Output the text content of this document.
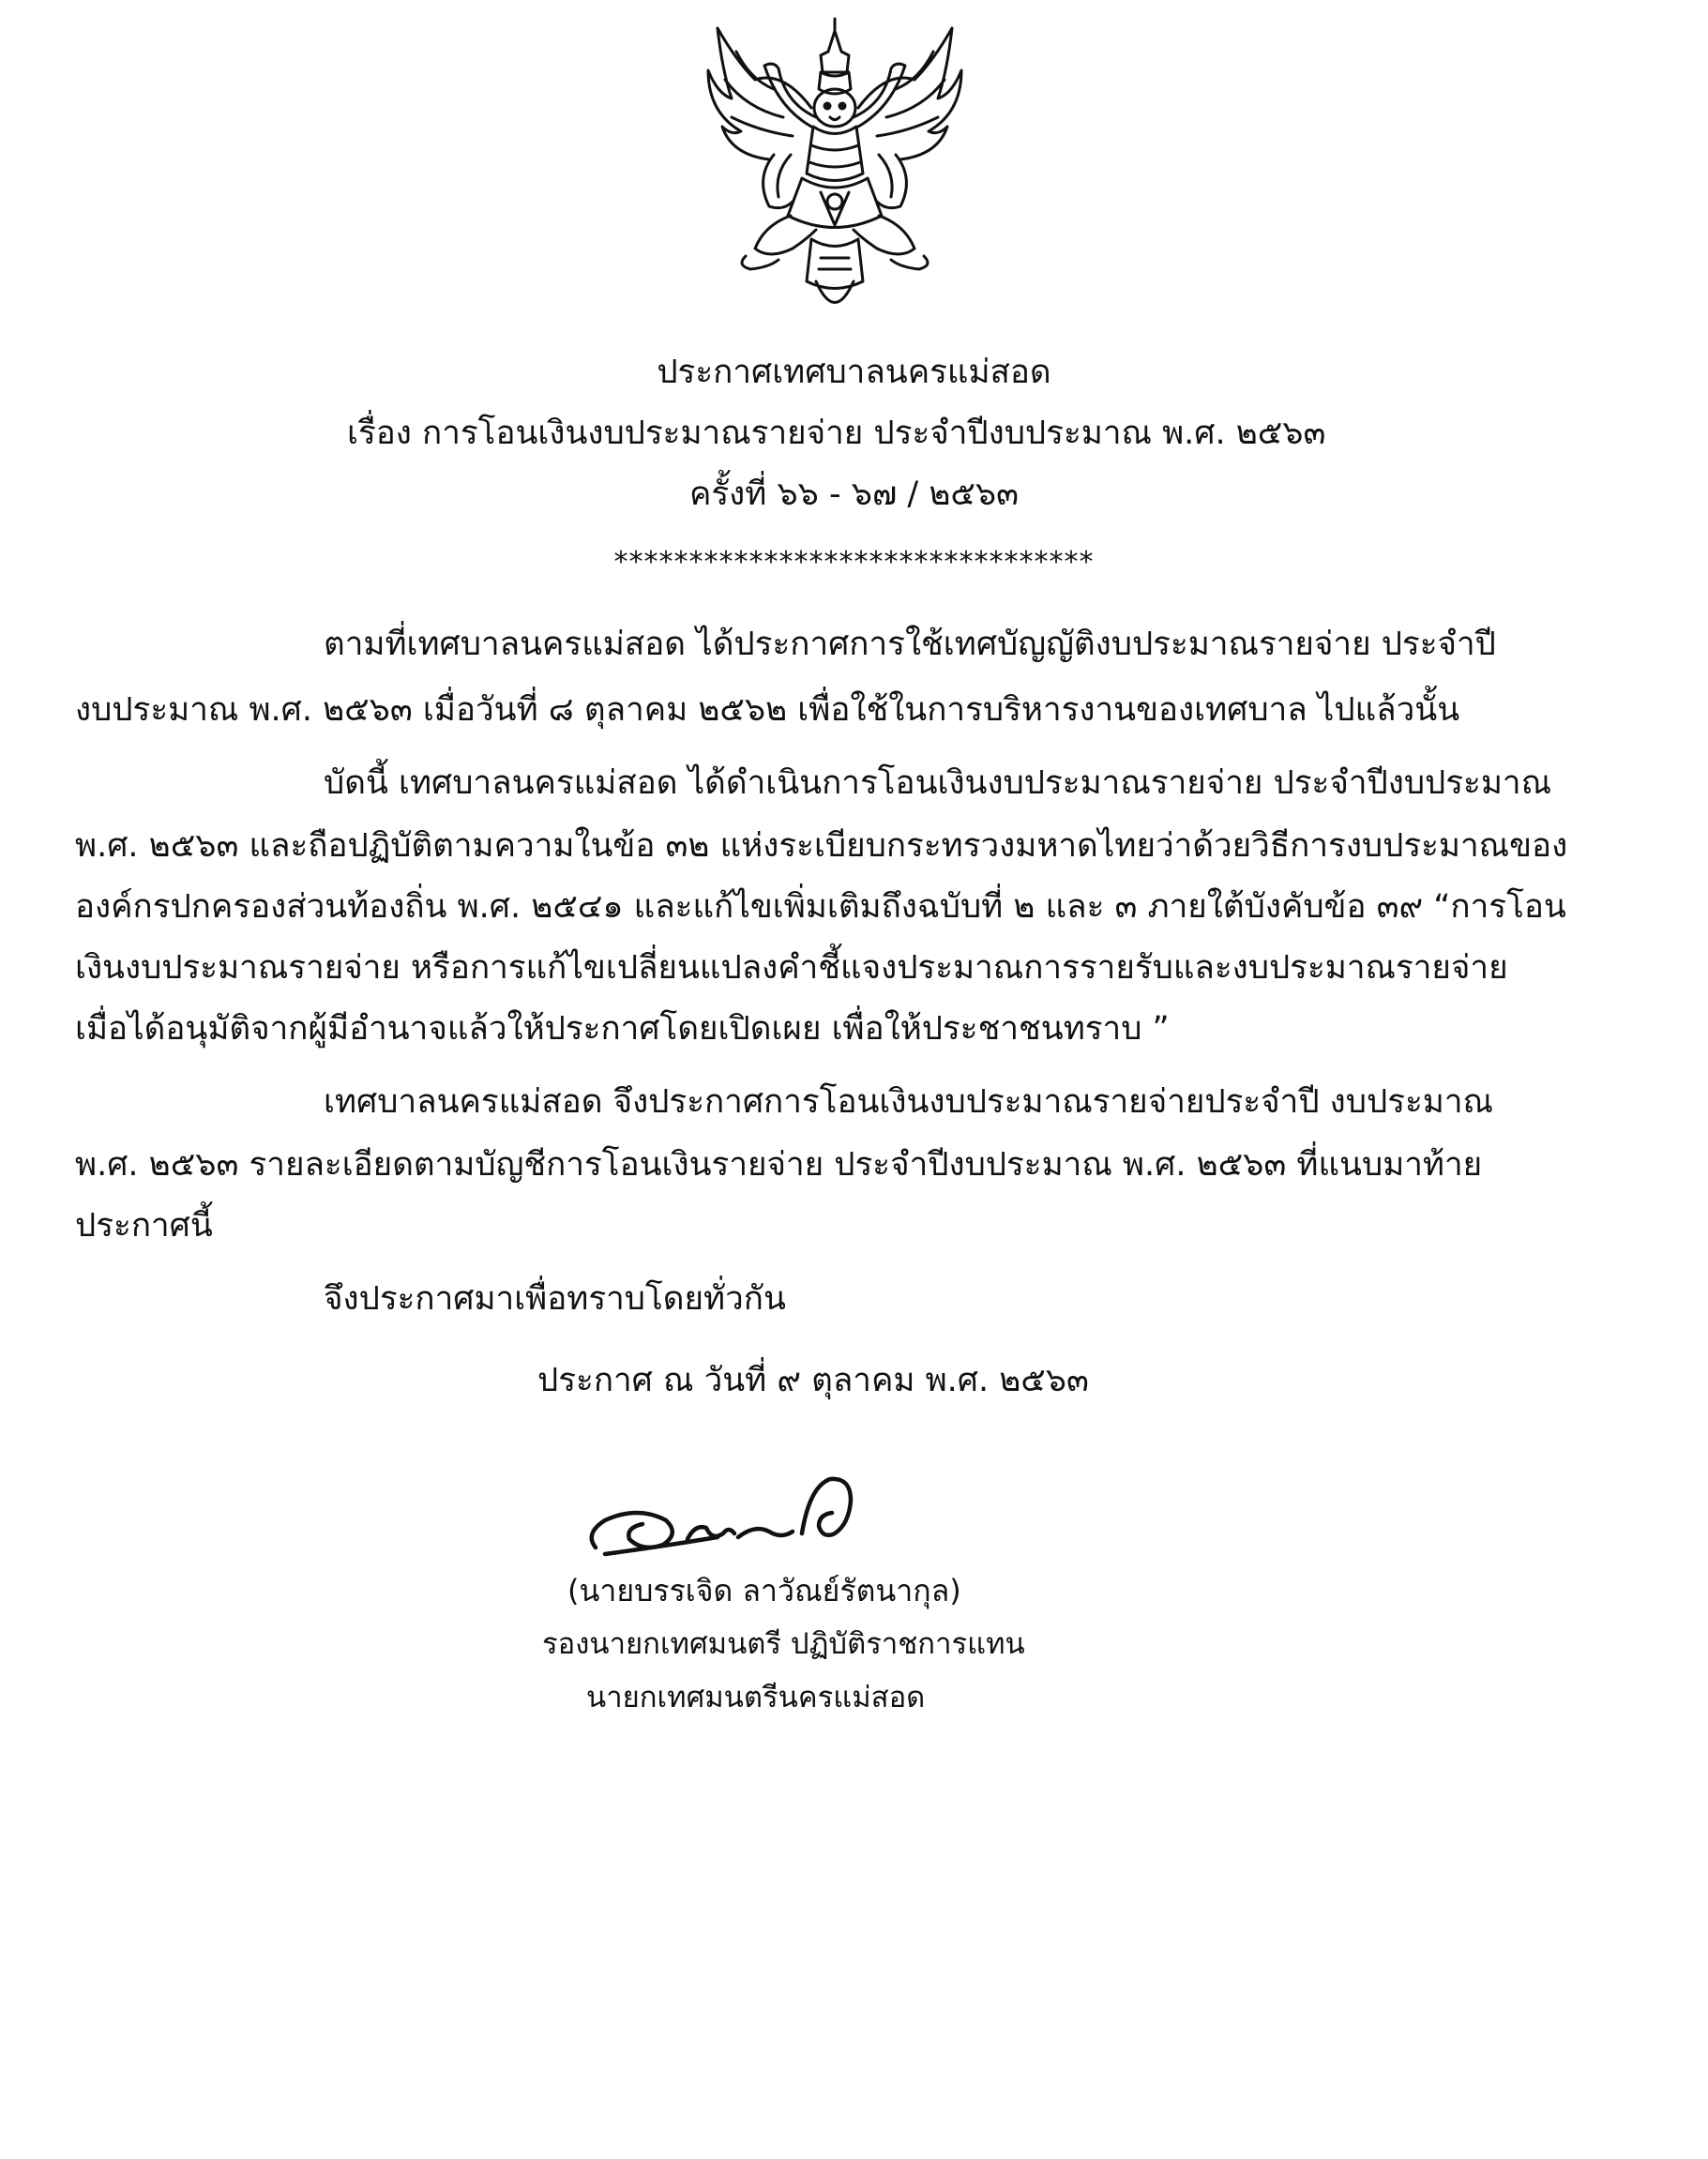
ประกาศเทศบาลนครแม่สอด
เรื่อง การโอนเงินงบประมาณรายจ่าย ประจำปีงบประมาณ พ.ศ. ๒๕๖๓
ครั้งที่ ๖๖ - ๖๗ / ๒๕๖๓
********************************
ตามที่เทศบาลนครแม่สอด ได้ประกาศการใช้เทศบัญญัติงบประมาณรายจ่าย ประจำปี
งบประมาณ พ.ศ. ๒๕๖๓ เมื่อวันที่ ๘ ตุลาคม ๒๕๖๒ เพื่อใช้ในการบริหารงานของเทศบาล ไปแล้วนั้น
บัดนี้ เทศบาลนครแม่สอด ได้ดำเนินการโอนเงินงบประมาณรายจ่าย ประจำปีงบประมาณ
พ.ศ. ๒๕๖๓ และถือปฏิบัติตามความในข้อ ๓๒ แห่งระเบียบกระทรวงมหาดไทยว่าด้วยวิธีการงบประมาณของ
องค์กรปกครองส่วนท้องถิ่น พ.ศ. ๒๕๔๑ และแก้ไขเพิ่มเติมถึงฉบับที่ ๒ และ ๓ ภายใต้บังคับข้อ ๓๙ “การโอน
เงินงบประมาณรายจ่าย หรือการแก้ไขเปลี่ยนแปลงคำชี้แจงประมาณการรายรับและงบประมาณรายจ่าย
เมื่อได้อนุมัติจากผู้มีอำนาจแล้วให้ประกาศโดยเปิดเผย เพื่อให้ประชาชนทราบ ”
เทศบาลนครแม่สอด จึงประกาศการโอนเงินงบประมาณรายจ่ายประจำปี งบประมาณ
พ.ศ. ๒๕๖๓ รายละเอียดตามบัญชีการโอนเงินรายจ่าย ประจำปีงบประมาณ พ.ศ. ๒๕๖๓ ที่แนบมาท้าย
ประกาศนี้
จึงประกาศมาเพื่อทราบโดยทั่วกัน
ประกาศ ณ วันที่ ๙ ตุลาคม พ.ศ. ๒๕๖๓
(นายบรรเจิด ลาวัณย์รัตนากุล)
รองนายกเทศมนตรี ปฏิบัติราชการแทน
นายกเทศมนตรีนครแม่สอด
